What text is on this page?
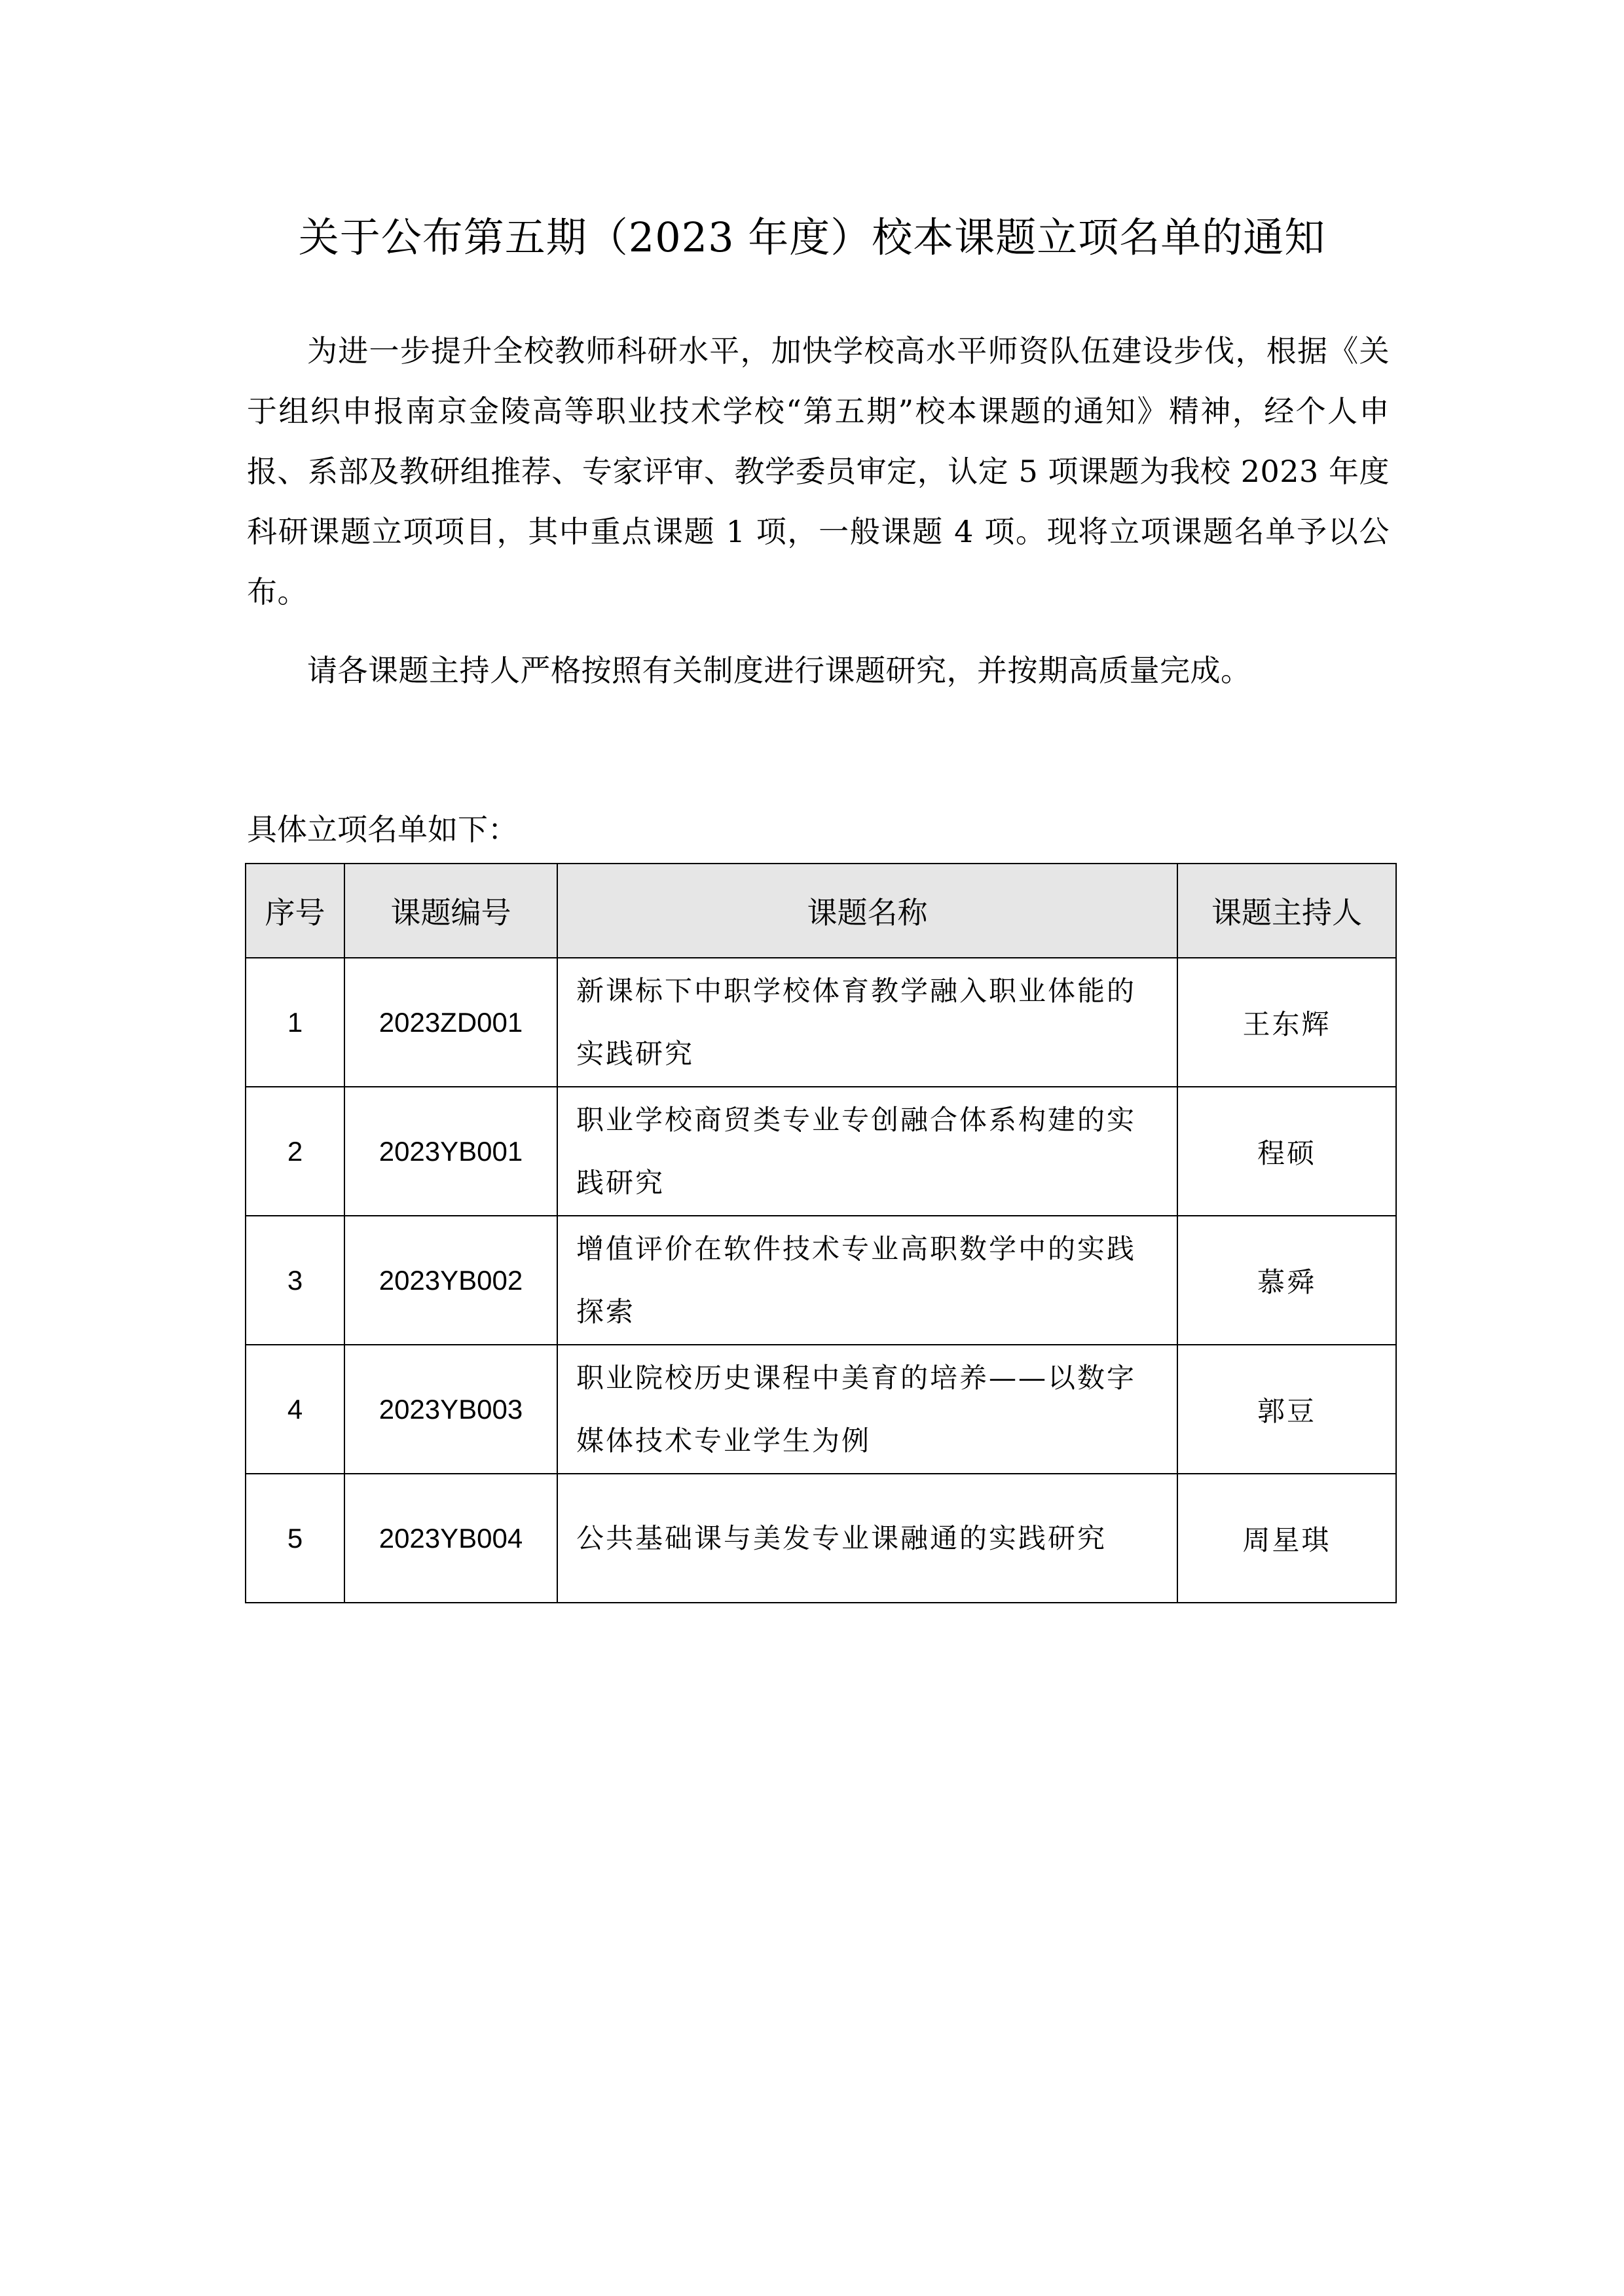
关于公布第五期（2023 年度）校本课题立项名单的通知

为进一步提升全校教师科研水平，加快学校高水平师资队伍建设步伐，根据《关于组织申报南京金陵高等职业技术学校“第五期”校本课题的通知》精神，经个人申报、系部及教研组推荐、专家评审、教学委员审定，认定 5 项课题为我校 2023 年度科研课题立项项目，其中重点课题 1 项，一般课题 4 项。现将立项课题名单予以公布。

请各课题主持人严格按照有关制度进行课题研究，并按期高质量完成。

具体立项名单如下：

序号	课题编号	课题名称	课题主持人
1	2023ZD001	新课标下中职学校体育教学融入职业体能的实践研究	王东辉
2	2023YB001	职业学校商贸类专业专创融合体系构建的实践研究	程硕
3	2023YB002	增值评价在软件技术专业高职数学中的实践探索	慕舜
4	2023YB003	职业院校历史课程中美育的培养——以数字媒体技术专业学生为例	郭豆
5	2023YB004	公共基础课与美发专业课融通的实践研究	周星琪
